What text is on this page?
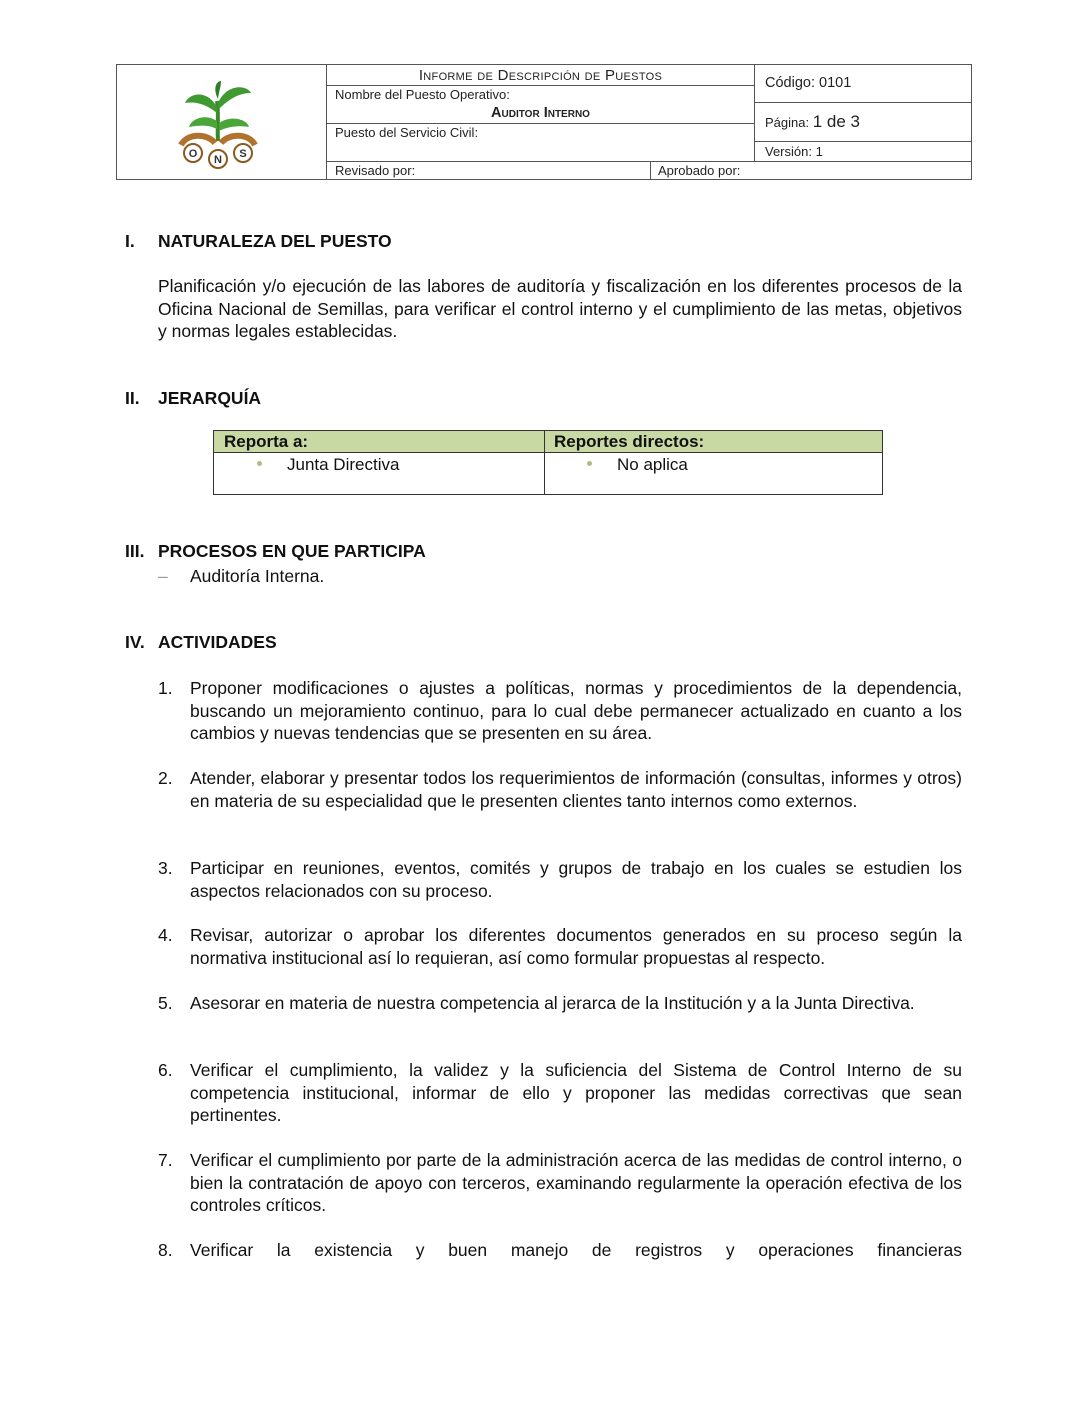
O N S
Informe de Descripción de Puestos
Nombre del Puesto Operativo:
Auditor Interno
Puesto del Servicio Civil:
Revisado por:	Aprobado por:
Código: 0101
Página: 1 de 3
Versión: 1
I. NATURALEZA DEL PUESTO
Planificación y/o ejecución de las labores de auditoría y fiscalización en los diferentes procesos de la Oficina Nacional de Semillas, para verificar el control interno y el cumplimiento de las metas, objetivos y normas legales establecidas.
II. JERARQUÍA
Reporta a:	Reportes directos:
Junta Directiva	No aplica
III. PROCESOS EN QUE PARTICIPA
– Auditoría Interna.
IV. ACTIVIDADES
1. Proponer modificaciones o ajustes a políticas, normas y procedimientos de la dependencia, buscando un mejoramiento continuo, para lo cual debe permanecer actualizado en cuanto a los cambios y nuevas tendencias que se presenten en su área.
2. Atender, elaborar y presentar todos los requerimientos de información (consultas, informes y otros) en materia de su especialidad que le presenten clientes tanto internos como externos.
3. Participar en reuniones, eventos, comités y grupos de trabajo en los cuales se estudien los aspectos relacionados con su proceso.
4. Revisar, autorizar o aprobar los diferentes documentos generados en su proceso según la normativa institucional así lo requieran, así como formular propuestas al respecto.
5. Asesorar en materia de nuestra competencia al jerarca de la Institución y a la Junta Directiva.
6. Verificar el cumplimiento, la validez y la suficiencia del Sistema de Control Interno de su competencia institucional, informar de ello y proponer las medidas correctivas que sean pertinentes.
7. Verificar el cumplimiento por parte de la administración acerca de las medidas de control interno, o bien la contratación de apoyo con terceros, examinando regularmente la operación efectiva de los controles críticos.
8. Verificar la existencia y buen manejo de registros y operaciones financieras
